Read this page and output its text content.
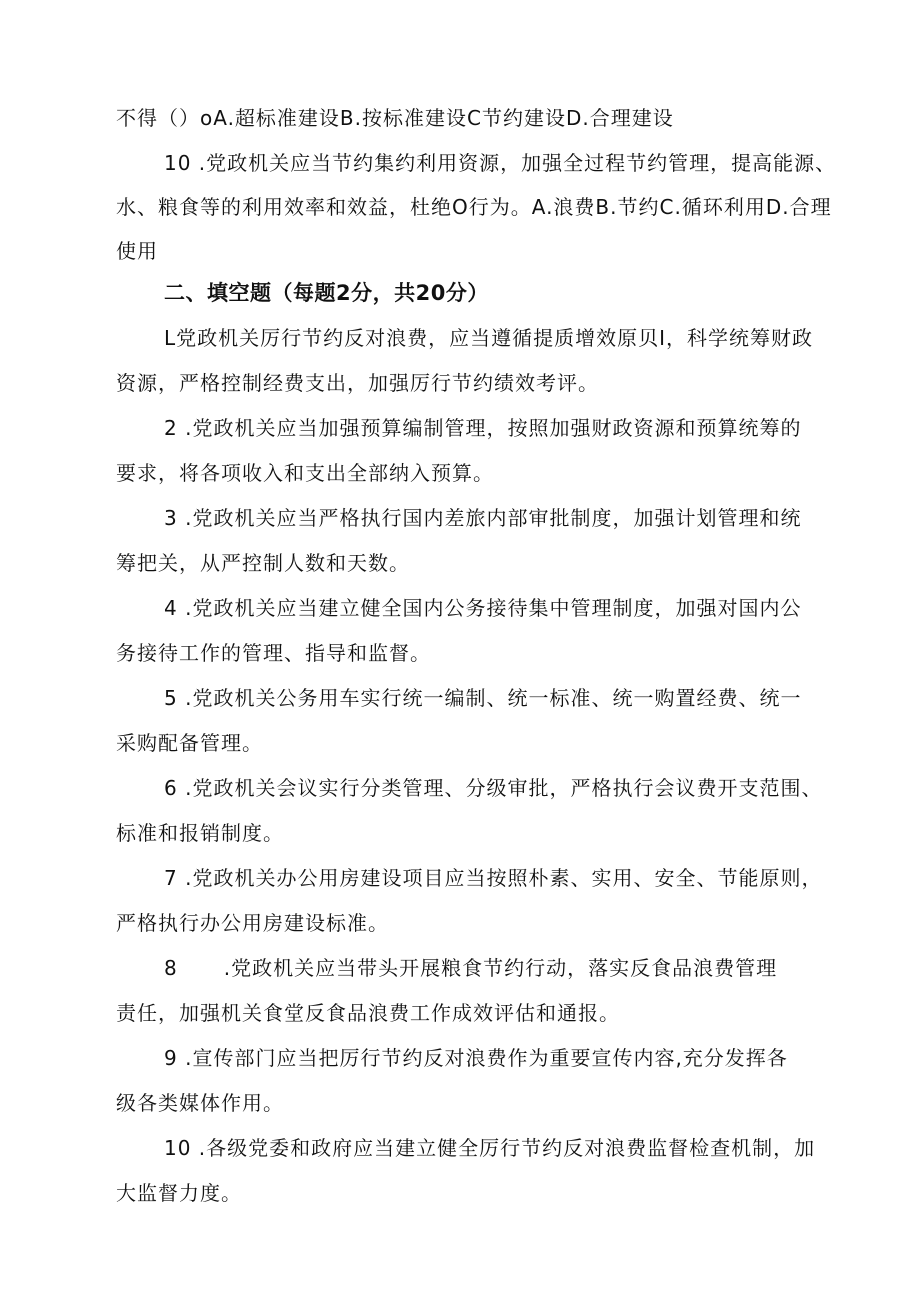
不得（）oA.超标准建设B.按标准建设C节约建设D.合理建设

10 .党政机关应当节约集约利用资源，加强全过程节约管理，提高能源、

水、粮食等的利用效率和效益，杜绝O行为。A.浪费B.节约C.循环利用D.合理

使用

二、填空题（每题2分，共20分）

L党政机关厉行节约反对浪费，应当遵循提质增效原贝I，科学统筹财政

资源，严格控制经费支出，加强厉行节约绩效考评。

2 .党政机关应当加强预算编制管理，按照加强财政资源和预算统筹的

要求，将各项收入和支出全部纳入预算。

3 .党政机关应当严格执行国内差旅内部审批制度，加强计划管理和统

筹把关，从严控制人数和天数。

4 .党政机关应当建立健全国内公务接待集中管理制度，加强对国内公

务接待工作的管理、指导和监督。

5 .党政机关公务用车实行统一编制、统一标准、统一购置经费、统一

采购配备管理。

6 .党政机关会议实行分类管理、分级审批，严格执行会议费开支范围、

标准和报销制度。

7 .党政机关办公用房建设项目应当按照朴素、实用、安全、节能原则，

严格执行办公用房建设标准。

8 .党政机关应当带头开展粮食节约行动，落实反食品浪费管理

责任，加强机关食堂反食品浪费工作成效评估和通报。

9 .宣传部门应当把厉行节约反对浪费作为重要宣传内容,充分发挥各

级各类媒体作用。

10 .各级党委和政府应当建立健全厉行节约反对浪费监督检查机制，加

大监督力度。
